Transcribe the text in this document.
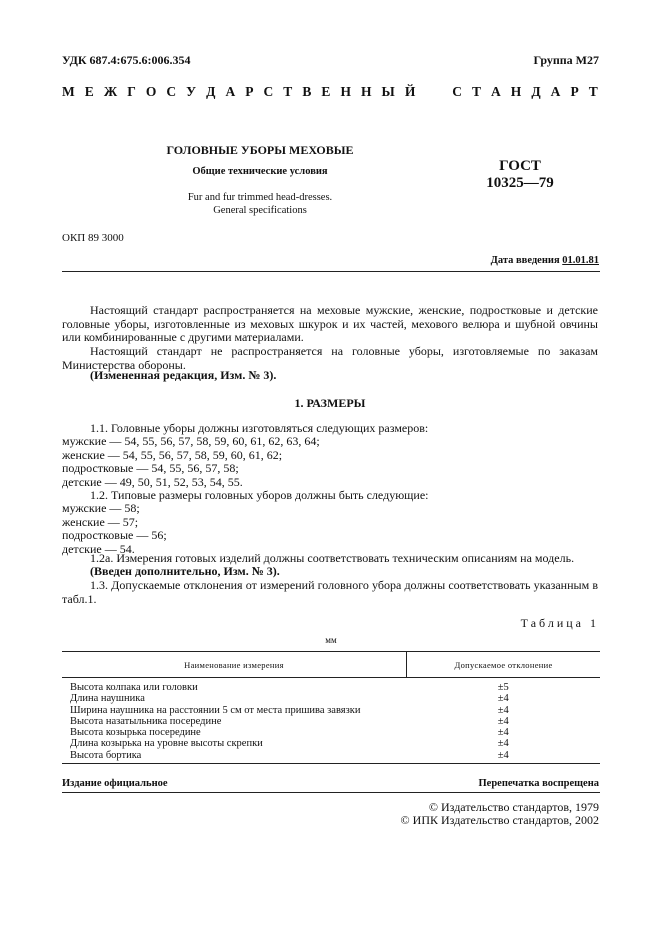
УДК 687.4:675.6:006.354	Группа М27
М Е Ж Г О С У Д А Р С Т В Е Н Н Ы Й

	С Т А Н Д А Р Т
ГОЛОВНЫЕ УБОРЫ МЕХОВЫЕ
Общие технические условия
Fur and fur trimmed head-dresses.
General specifications
ГОСТ
10325—79
ОКП 89 3000
Дата введения 01.01.81
Настоящий стандарт распространяется на меховые мужские, женские, подростковые и детские головные уборы, изготовленные из меховых шкурок и их частей, мехового велюра и шубной овчины или комбинированные с другими материалами.
Настоящий стандарт не распространяется на головные уборы, изготовляемые по заказам Министерства обороны.
(Измененная редакция, Изм. № 3).
1. РАЗМЕРЫ
1.1. Головные уборы должны изготовляться следующих размеров:
мужские — 54, 55, 56, 57, 58, 59, 60, 61, 62, 63, 64;
женские — 54, 55, 56, 57, 58, 59, 60, 61, 62;
подростковые — 54, 55, 56, 57, 58;
детские — 49, 50, 51, 52, 53, 54, 55.
1.2. Типовые размеры головных уборов должны быть следующие:
мужские — 58;
женские — 57;
подростковые — 56;
детские — 54.
1.2а. Измерения готовых изделий должны соответствовать техническим описаниям на модель.
(Введен дополнительно, Изм. № 3).
1.3. Допускаемые отклонения от измерений головного убора должны соответствовать указанным в табл.1.
Таблица 1
мм
Наименование измерения	Допускаемое отклонение

Высота колпака или головки	±5
Длина наушника	±4
Ширина наушника на расстоянии 5 см от места пришива завязки	±4
Высота назатыльника посередине	±4
Высота козырька посередине	±4
Длина козырька на уровне высоты скрепки	±4
Высота бортика	±4
Издание официальное	Перепечатка воспрещена
© Издательство стандартов, 1979
© ИПК Издательство стандартов, 2002
